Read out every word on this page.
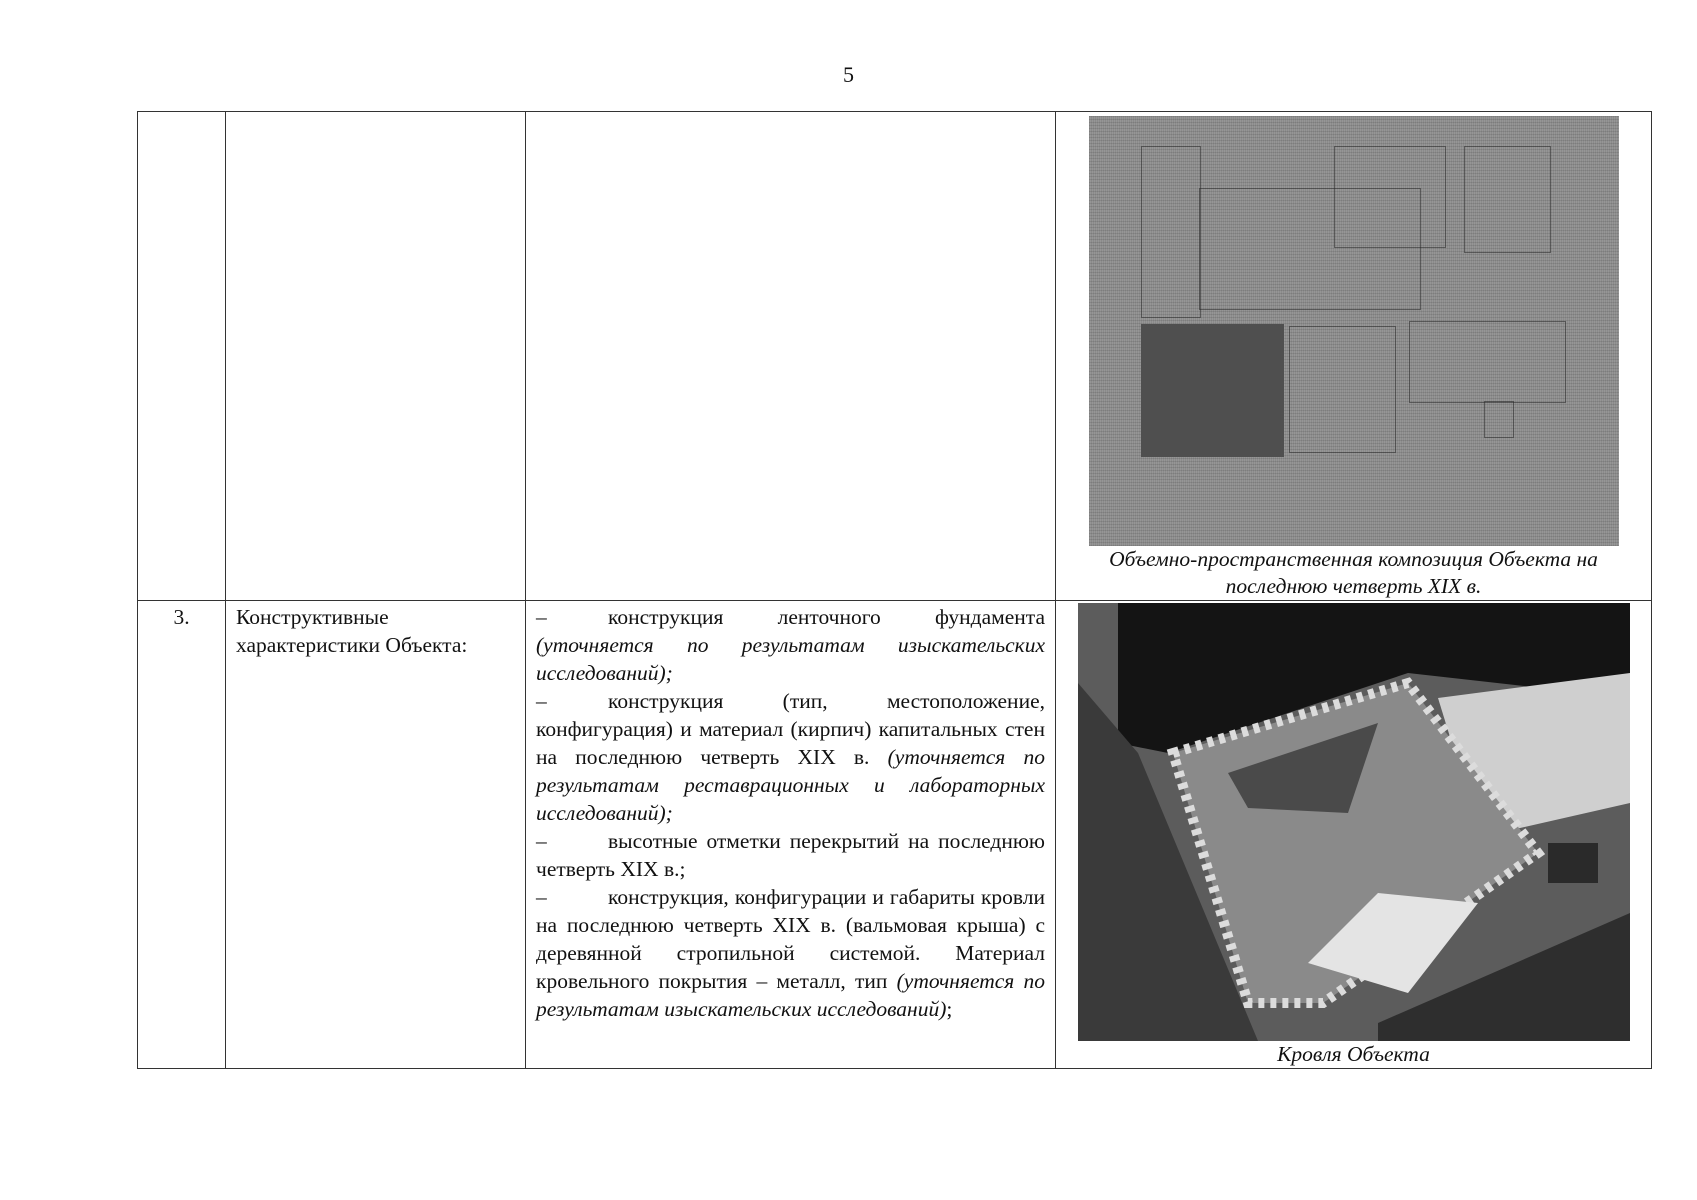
5

			Объемно-пространственная композиция Объекта на последнюю четверть XIX в.

3.	Конструктивные характеристики Объекта:	– конструкция ленточного фундамента (уточняется по результатам изыскательских исследований);

– конструкция (тип, местоположение, конфигурация) и материал (кирпич) капитальных стен на последнюю четверть XIX в. (уточняется по результатам реставрационных и лабораторных исследований);

– высотные отметки перекрытий на последнюю четверть XIX в.;

– конструкция, конфигурации и габариты кровли на последнюю четверть XIX в. (вальмовая крыша) с деревянной стропильной системой. Материал кровельного покрытия – металл, тип (уточняется по результатам изыскательских исследований);	Кровля Объекта
